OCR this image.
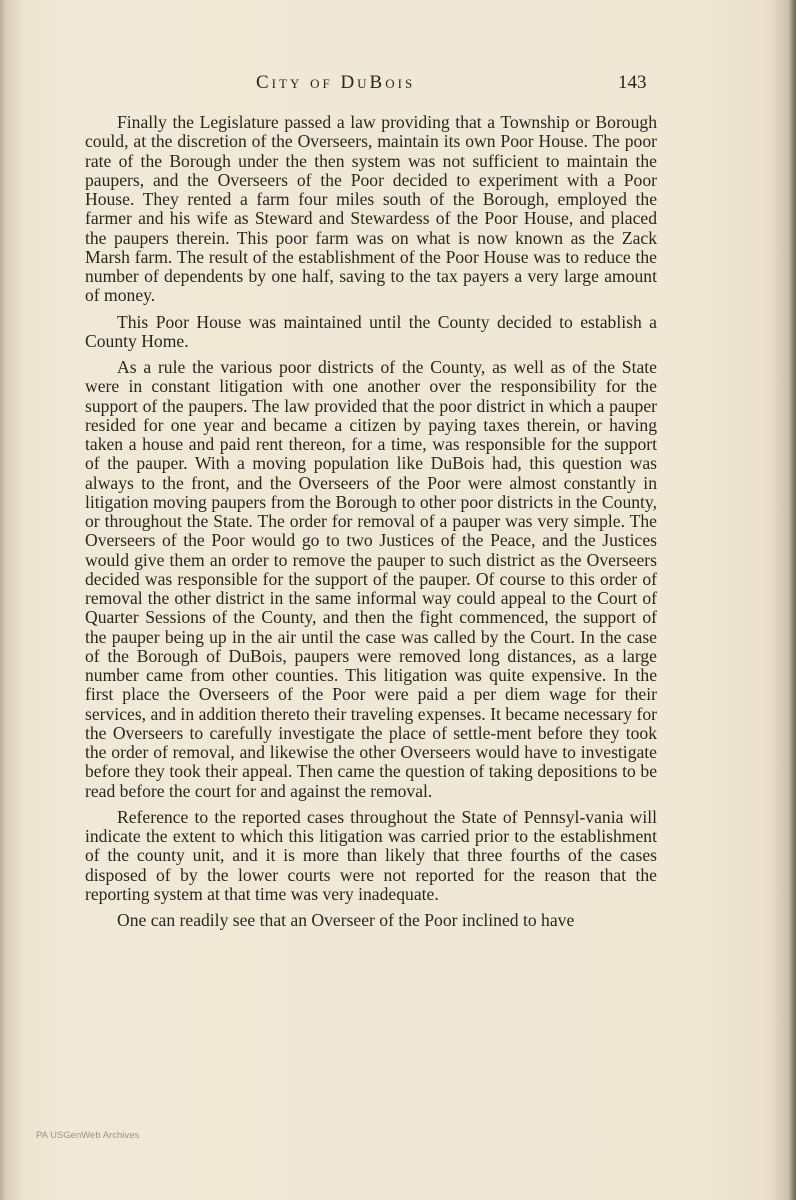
City of DuBois	143

Finally the Legislature passed a law providing that a Township or Borough could, at the discretion of the Overseers, maintain its own Poor House. The poor rate of the Borough under the then system was not sufficient to maintain the paupers, and the Overseers of the Poor decided to experiment with a Poor House. They rented a farm four miles south of the Borough, employed the farmer and his wife as Steward and Stewardess of the Poor House, and placed the paupers therein. This poor farm was on what is now known as the Zack Marsh farm. The result of the establishment of the Poor House was to reduce the number of dependents by one half, saving to the tax payers a very large amount of money.

This Poor House was maintained until the County decided to establish a County Home.

As a rule the various poor districts of the County, as well as of the State were in constant litigation with one another over the responsibility for the support of the paupers. The law provided that the poor district in which a pauper resided for one year and became a citizen by paying taxes therein, or having taken a house and paid rent thereon, for a time, was responsible for the support of the pauper. With a moving population like DuBois had, this question was always to the front, and the Overseers of the Poor were almost constantly in litigation moving paupers from the Borough to other poor districts in the County, or throughout the State. The order for removal of a pauper was very simple. The Overseers of the Poor would go to two Justices of the Peace, and the Justices would give them an order to remove the pauper to such district as the Overseers decided was responsible for the support of the pauper. Of course to this order of removal the other district in the same informal way could appeal to the Court of Quarter Sessions of the County, and then the fight commenced, the support of the pauper being up in the air until the case was called by the Court. In the case of the Borough of DuBois, paupers were removed long distances, as a large number came from other counties. This litigation was quite expensive. In the first place the Overseers of the Poor were paid a per diem wage for their services, and in addition thereto their traveling expenses. It became necessary for the Overseers to carefully investigate the place of settle-ment before they took the order of removal, and likewise the other Overseers would have to investigate before they took their appeal. Then came the question of taking depositions to be read before the court for and against the removal.

Reference to the reported cases throughout the State of Pennsyl-vania will indicate the extent to which this litigation was carried prior to the establishment of the county unit, and it is more than likely that three fourths of the cases disposed of by the lower courts were not reported for the reason that the reporting system at that time was very inadequate.

One can readily see that an Overseer of the Poor inclined to have

PA USGenWeb Archives
